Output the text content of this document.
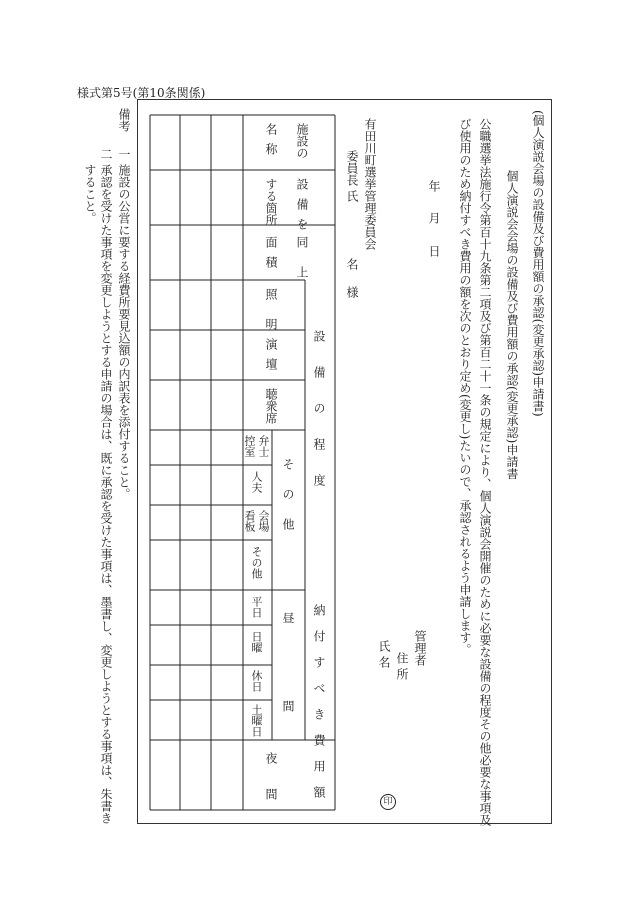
様式第5号(第10条関係)
(個人演説会場の設備及び費用額の承認(変更承認)申請書)
個人演説会会場の設備及び費用額の承認(変更承認)申請書
公職選挙法施行令第百十九条第二項及び第百二十一条の規定により、個人演説会開催のために必要な設備の程度その他必要な事項及
び使用のため納付すべき費用の額を次のとおり定め(変更し)たいので、承認されるよう申請します。
年
月
日
有田川町選挙管理委員会
委員長 氏
名
様
管理者
住 所
氏 名
印
施設の
名称
設備を
する箇所
同上
面積
設備の程度
照明
演壇
聴衆席
その他
弁士
控室
人夫
会場
看板
その他
納付すべき費用額
昼間
平日
日曜
休日
土曜日
夜間
備考
一
施設の公営に要する経費所要見込額の内訳表を添付すること。
二
承認を受けた事項を変更しようとする申請の場合は、既に承認を受けた事項は、墨書し、変更しようとする事項は、朱書き
すること。
